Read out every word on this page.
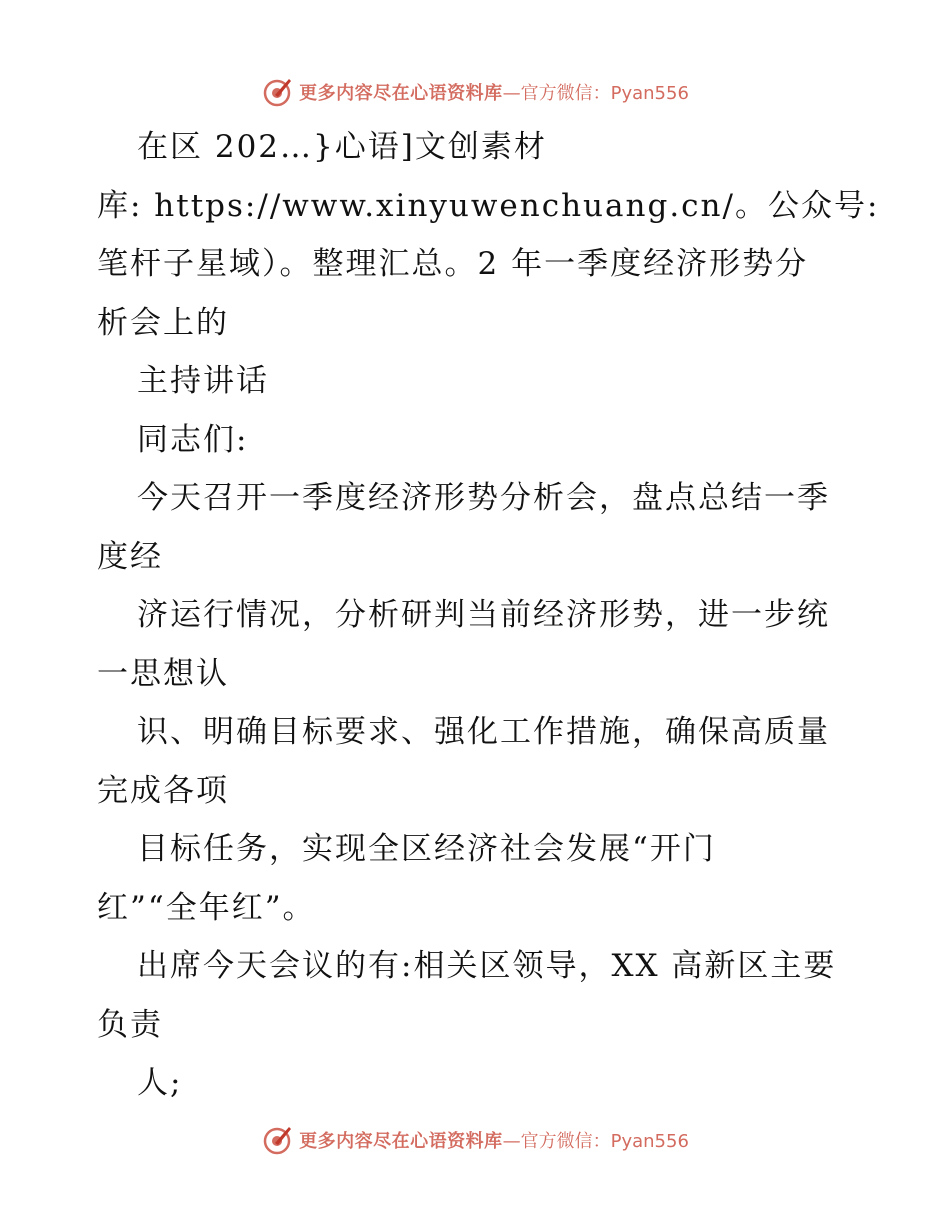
更多内容尽在心语资料库 —官方微信：Pyan556
在区 202…}心语]文创素材
库: https://www.xinyuwenchuang.cn/。公众号:
笔杆子星域）。整理汇总。2 年一季度经济形势分
析会上的
主持讲话
同志们:
今天召开一季度经济形势分析会，盘点总结一季
度经
济运行情况，分析研判当前经济形势，进一步统
一思想认
识、明确目标要求、强化工作措施，确保高质量
完成各项
目标任务，实现全区经济社会发展“开门
红”“全年红”。
出席今天会议的有:相关区领导，XX 高新区主要
负责
人;
更多内容尽在心语资料库 —官方微信：Pyan556
